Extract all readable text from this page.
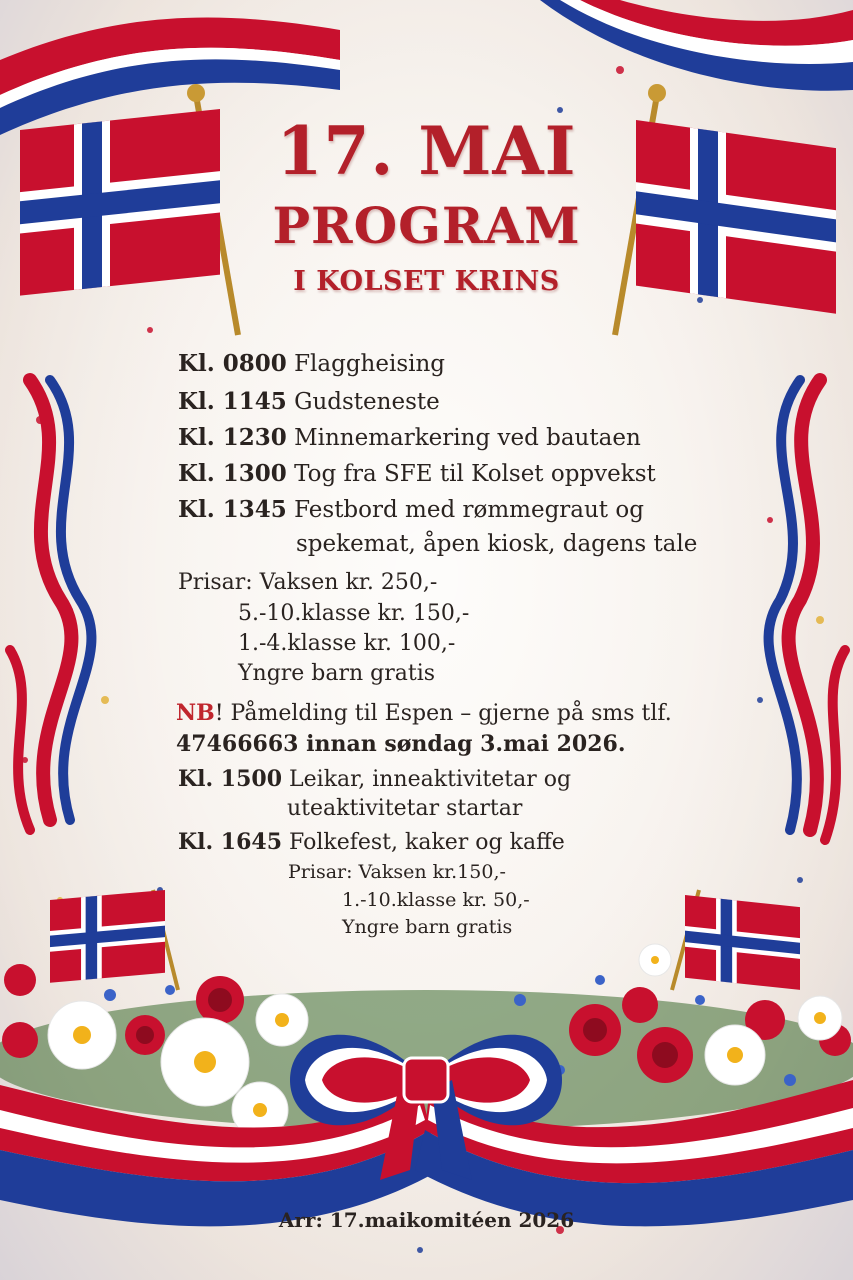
17. MAI
PROGRAM
I KOLSET KRINS
Kl. 0800 Flaggheising
Kl. 1145 Gudsteneste
Kl. 1230 Minnemarkering ved bautaen
Kl. 1300 Tog fra SFE til Kolset oppvekst
Kl. 1345 Festbord med rømmegraut og
spekemat, åpen kiosk, dagens tale
Prisar: Vaksen kr. 250,-
5.-10.klasse kr. 150,-
1.-4.klasse kr. 100,-
Yngre barn gratis
NB! Påmelding til Espen – gjerne på sms tlf.
47466663 innan søndag 3.mai 2026.
Kl. 1500 Leikar, inneaktivitetar og
uteaktivitetar startar
Kl. 1645 Folkefest, kaker og kaffe
Prisar: Vaksen kr.150,-
1.-10.klasse kr. 50,-
Yngre barn gratis
Arr: 17.maikomitéen 2026
